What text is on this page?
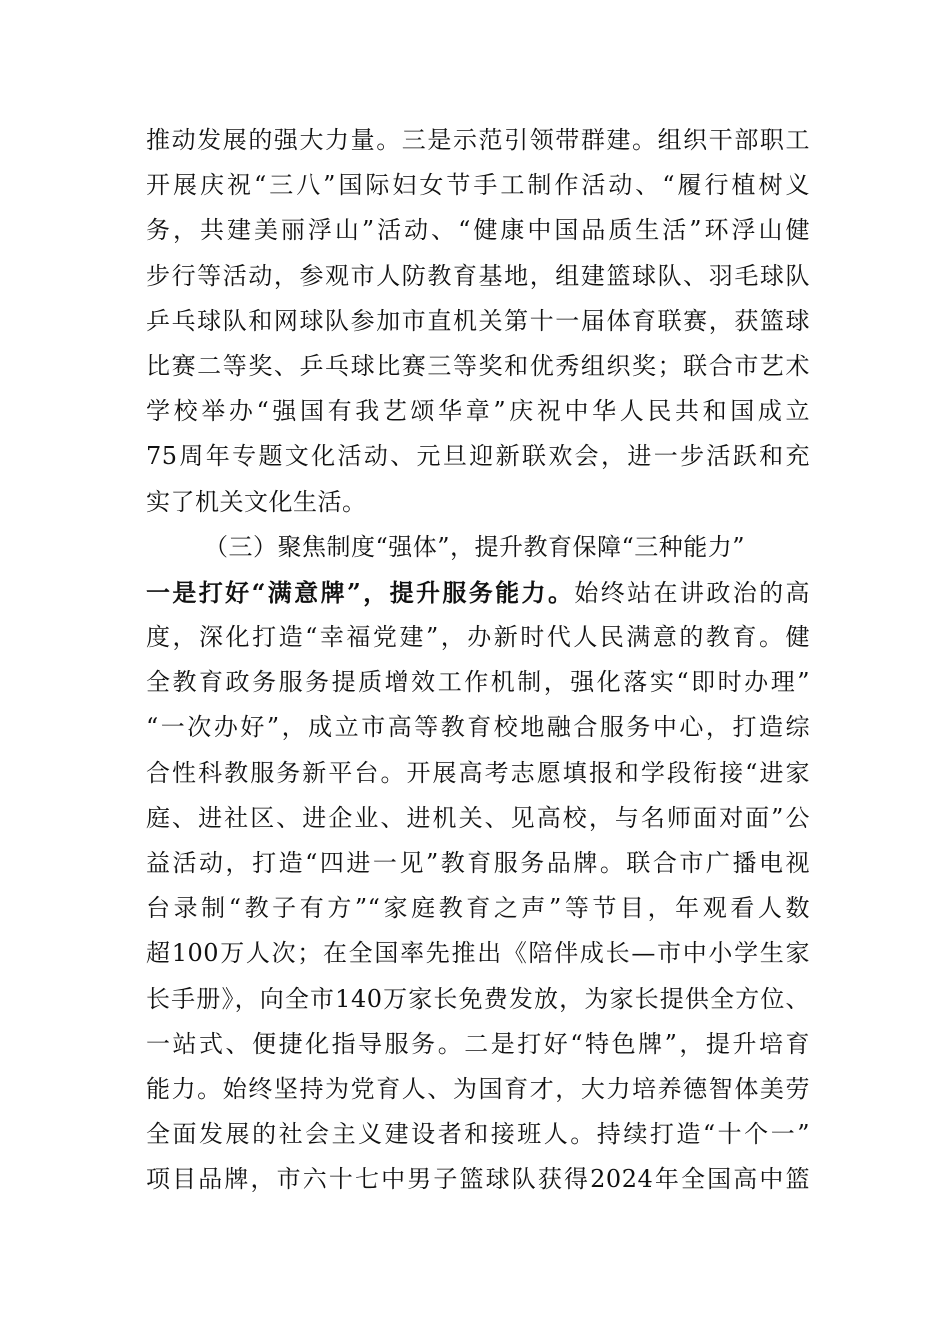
推动发展的强大力量。三是示范引领带群建。组织干部职工
开展庆祝“三八”国际妇女节手工制作活动、“履行植树义
务，共建美丽浮山”活动、“健康中国品质生活”环浮山健
步行等活动，参观市人防教育基地，组建篮球队、羽毛球队
乒乓球队和网球队参加市直机关第十一届体育联赛，获篮球
比赛二等奖、乒乓球比赛三等奖和优秀组织奖；联合市艺术
学校举办“强国有我艺颂华章”庆祝中华人民共和国成立
75周年专题文化活动、元旦迎新联欢会，进一步活跃和充
实了机关文化生活。
（三）聚焦制度“强体”，提升教育保障“三种能力”
一是打好“满意牌”，提升服务能力。始终站在讲政治的高
度，深化打造“幸福党建”，办新时代人民满意的教育。健
全教育政务服务提质增效工作机制，强化落实“即时办理”
“一次办好”，成立市高等教育校地融合服务中心，打造综
合性科教服务新平台。开展高考志愿填报和学段衔接“进家
庭、进社区、进企业、进机关、见高校，与名师面对面”公
益活动，打造“四进一见”教育服务品牌。联合市广播电视
台录制“教子有方”“家庭教育之声”等节目，年观看人数
超100万人次；在全国率先推出《陪伴成长—市中小学生家
长手册》，向全市140万家长免费发放，为家长提供全方位、
一站式、便捷化指导服务。二是打好“特色牌”，提升培育
能力。始终坚持为党育人、为国育才，大力培养德智体美劳
全面发展的社会主义建设者和接班人。持续打造“十个一”
项目品牌，市六十七中男子篮球队获得2024年全国高中篮
